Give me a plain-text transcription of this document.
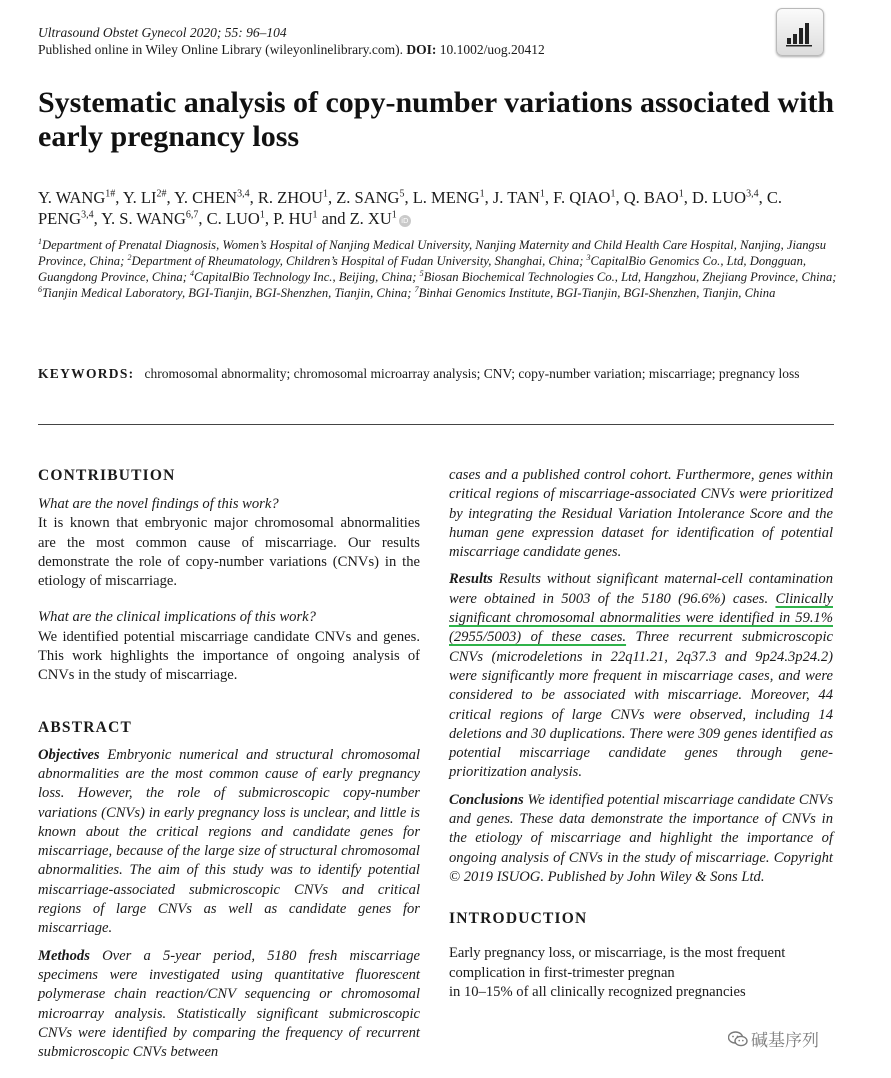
Ultrasound Obstet Gynecol 2020; 55: 96–104
Published online in Wiley Online Library (wileyonlinelibrary.com). DOI: 10.1002/uog.20412
Systematic analysis of copy-number variations associated with early pregnancy loss
Y. $WANG^{1\#}$, Y. $LI^{2\#}$, Y. CHEN$^{3,4}$, R. ZHOU$^1$, Z. SANG$^5$, L. MENG$^1$, J. TAN$^1$, F. QIAO$^1$, Q. BAO$^1$, D. LUO$^{3,4}$, C. PENG$^{3,4}$, Y. S. WANG$^{6,7}$, C. LUO$^1$, P. $HU^1$ and Z. $XU^1iD$
$^1$Department of Prenatal Diagnosis, Women’s Hospital of Nanjing Medical University, Nanjing Maternity and Child Health Care Hospital, Nanjing, Jiangsu Province, China; $^2$Department of Rheumatology, Children’s Hospital of Fudan University, Shanghai, China; $^3$CapitalBio Genomics Co., Ltd, Dongguan, Guangdong Province, China; $^4$CapitalBio Technology Inc., Beijing, China; $^5$Biosan Biochemical Technologies Co., Ltd, Hangzhou, Zhejiang Province, China; $^6$Tianjin Medical Laboratory, BGI-Tianjin, BGI-Shenzhen, Tianjin, China; $^7$Binhai Genomics Institute, BGI-Tianjin, BGI-Shenzhen, Tianjin, China
KEYWORDS: chromosomal abnormality; chromosomal microarray analysis; CNV; copy-number variation; miscarriage; pregnancy loss
CONTRIBUTION

What are the novel findings of this work?

It is known that embryonic major chromosomal abnormalities are the most common cause of miscarriage. Our results demonstrate the role of copy-number variations (CNVs) in the etiology of miscarriage.

What are the clinical implications of this work?

We identified potential miscarriage candidate CNVs and genes. This work highlights the importance of ongoing analysis of CNVs in the study of miscarriage.

ABSTRACT

Objectives Embryonic numerical and structural chromosomal abnormalities are the most common cause of early pregnancy loss. However, the role of submicroscopic copy-number variations (CNVs) in early pregnancy loss is unclear, and little is known about the critical regions and candidate genes for miscarriage, because of the large size of structural chromosomal abnormalities. The aim of this study was to identify potential miscarriage-associated submicroscopic CNVs and critical regions of large CNVs as well as candidate genes for miscarriage.

Methods Over a 5-year period, 5180 fresh miscarriage specimens were investigated using quantitative fluorescent polymerase chain reaction/CNV sequencing or chromosomal microarray analysis. Statistically significant submicroscopic CNVs were identified by comparing the frequency of recurrent submicroscopic CNVs between

cases and a published control cohort. Furthermore, genes within critical regions of miscarriage-associated CNVs were prioritized by integrating the Residual Variation Intolerance Score and the human gene expression dataset for identification of potential miscarriage candidate genes.

Results Results without significant maternal-cell contamination were obtained in 5003 of the 5180 (96.6%) cases. Clinically significant chromosomal abnormalities were identified in 59.1% (2955/5003) of these cases. Three recurrent submicroscopic CNVs (microdeletions in 22q11.21, 2q37.3 and 9p24.3p24.2) were significantly more frequent in miscarriage cases, and were considered to be associated with miscarriage. Moreover, 44 critical regions of large CNVs were observed, including 14 deletions and 30 duplications. There were 309 genes identified as potential miscarriage candidate genes through gene-prioritization analysis.

Conclusions We identified potential miscarriage candidate CNVs and genes. These data demonstrate the importance of CNVs in the etiology of miscarriage and highlight the importance of ongoing analysis of CNVs in the study of miscarriage. Copyright © 2019 ISUOG. Published by John Wiley & Sons Ltd.

INTRODUCTION

Early pregnancy loss, or miscarriage, is the most frequent complication in first-trimester pregnan
in 10–15% of all clinically recognized pregnancies

碱基序列
